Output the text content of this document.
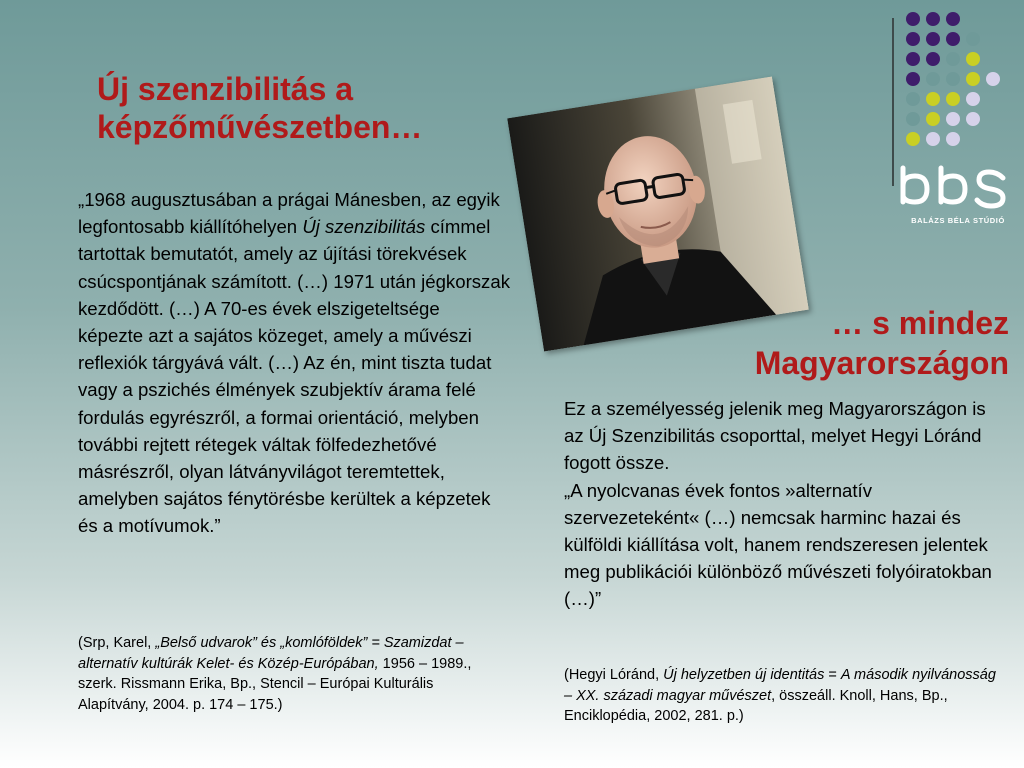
Új szenzibilitás a
képzőművészetben…

„1968 augusztusában a prágai Mánesben, az egyik legfontosabb kiállítóhelyen Új szenzibilitás címmel tartottak bemutatót, amely az újítási törekvések csúcspontjának számított. (…) 1971 után jégkorszak kezdődött. (…) A 70-es évek elszigeteltsége képezte azt a sajátos közeget, amely a művészi reflexiók tárgyává vált. (…) Az én, mint tiszta tudat vagy a pszichés élmények szubjektív árama felé fordulás egyrészről, a formai orientáció, melyben további rejtett rétegek váltak fölfedezhetővé másrészről, olyan látványvilágot teremtettek, amelyben sajátos fénytörésbe kerültek a képzetek és a motívumok.”

(Srp, Karel, „Belső udvarok” és „komlóföldek” = Szamizdat – alternatív kultúrák Kelet- és Közép-Európában, 1956 – 1989., szerk. Rissmann Erika, Bp., Stencil – Európai Kulturális Alapítvány, 2004. p. 174 – 175.)
… s mindez
Magyarországon

Ez a személyesség jelenik meg Magyarországon is az Új Szenzibilitás csoporttal, melyet Hegyi Lóránd fogott össze.

„A nyolcvanas évek fontos »alternatív szervezeteként« (…) nemcsak harminc hazai és külföldi kiállítása volt, hanem rendszeresen jelentek meg publikációi különböző művészeti folyóiratokban (…)”

(Hegyi Lóránd, Új helyzetben új identitás = A második nyilvánosság – XX. századi magyar művészet, összeáll. Knoll, Hans, Bp., Enciklopédia, 2002, 281. p.)
BALÁZS BÉLA STÚDIÓ
